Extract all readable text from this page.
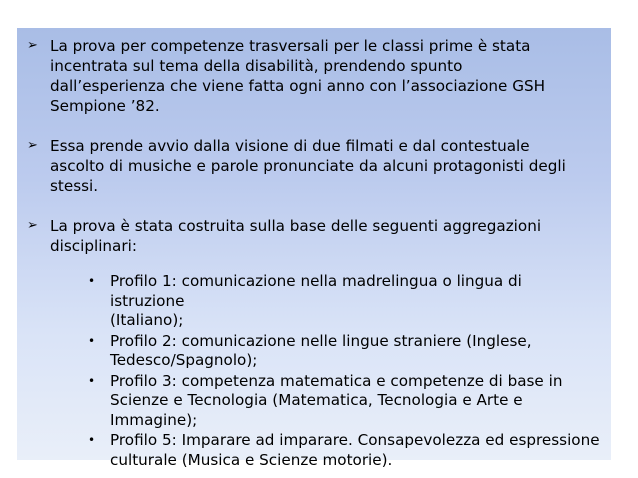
➢ La prova per competenze trasversali per le classi prime è stata
incentrata sul tema della disabilità, prendendo spunto
dall’esperienza che viene fatta ogni anno con l’associazione GSH
Sempione ’82.
➢ Essa prende avvio dalla visione di due filmati e dal contestuale
ascolto di musiche e parole pronunciate da alcuni protagonisti degli
stessi.
➢ La prova è stata costruita sulla base delle seguenti aggregazioni
disciplinari:
• Profilo 1: comunicazione nella madrelingua o lingua di istruzione
(Italiano);
• Profilo 2: comunicazione nelle lingue straniere (Inglese,
Tedesco/Spagnolo);
• Profilo 3: competenza matematica e competenze di base in
Scienze e Tecnologia (Matematica, Tecnologia e Arte e
Immagine);
• Profilo 5: Imparare ad imparare. Consapevolezza ed espressione
culturale (Musica e Scienze motorie).
